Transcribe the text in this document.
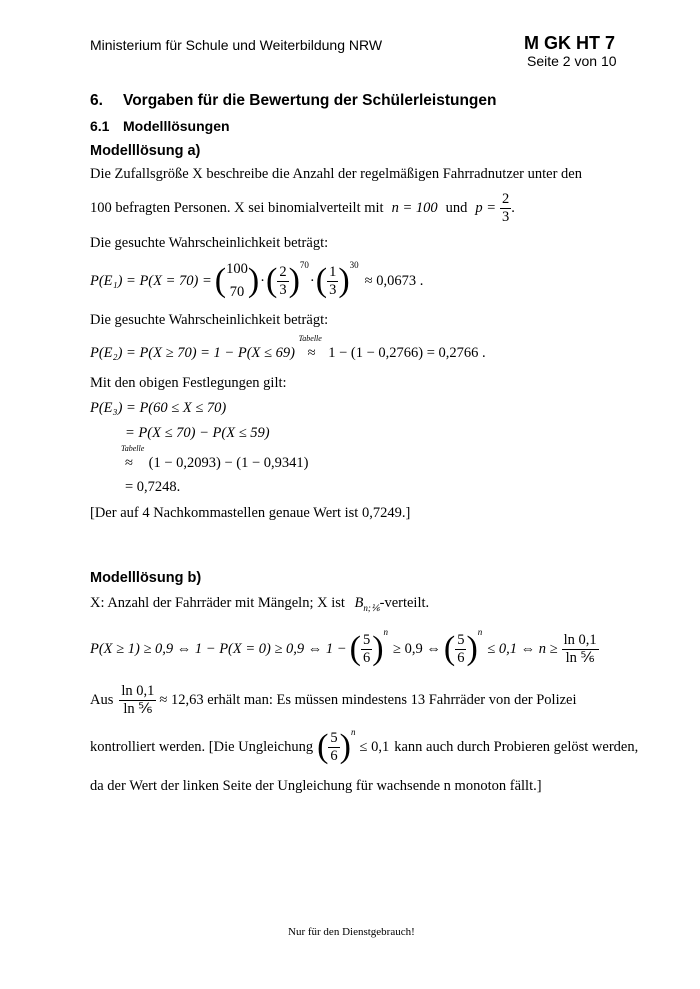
Ministerium für Schule und Weiterbildung NRW	M GK HT 7
Seite 2 von 10
6. Vorgaben für die Bewertung der Schülerleistungen
6.1 Modelllösungen
Modelllösung a)
Die Zufallsgröße X beschreibe die Anzahl der regelmäßigen Fahrradnutzer unter den
100 befragten Personen. X sei binomialverteilt mit n = 100 und $p = \frac{2}{3}$ .
Die gesuchte Wahrscheinlichkeit beträgt:
P(E₁) = P(X = 70) = ( 100
70 ) · ( $\frac{2}{3} )^{70}$
· ( $\frac{1}{3} )^{30}$
≈ 0,0673 .
Die gesuchte Wahrscheinlichkeit beträgt:
P(E₂) = P(X ≥ 70) = 1 − P(X ≤ 69)
Tabelle
≈ 1 − (1 − 0,2766) = 0,2766 .
Mit den obigen Festlegungen gilt:
P(E₃) = P(60 ≤ X ≤ 70)
= P(X ≤ 70) − P(X ≤ 59)
Tabelle
≈ (1 − 0,2093) − (1 − 0,9341)
= 0,7248.
[Der auf 4 Nachkommastellen genaue Wert ist 0,7249.]
Modelllösung b)
X: Anzahl der Fahrräder mit Mängeln; X ist $B_{n;\frac{1}{6}}$-verteilt.
P(X ≥ 1) ≥ 0,9 ⇔ 1 − P(X = 0) ≥ 0,9 ⇔ 1 − ( $\frac{5}{6} )^n$
≥ 0,9 ⇔ ( $\frac{5}{6} )^n$
≤ 0,1 ⇔ $n \ge \frac{\ln 0,1}{\text{ln ⅚}}$
Aus $\frac{\ln 0,1}{\text{ln ⅚}} \approx 12,63$ erhält man: Es müssen mindestens 13 Fahrräder von der Polizei
kontrolliert werden. [Die Ungleichung ( $\frac{5}{6} )^n$
≤ 0,1 kann auch durch Probieren gelöst werden,
da der Wert der linken Seite der Ungleichung für wachsende n monoton fällt.]
Nur für den Dienstgebrauch!
